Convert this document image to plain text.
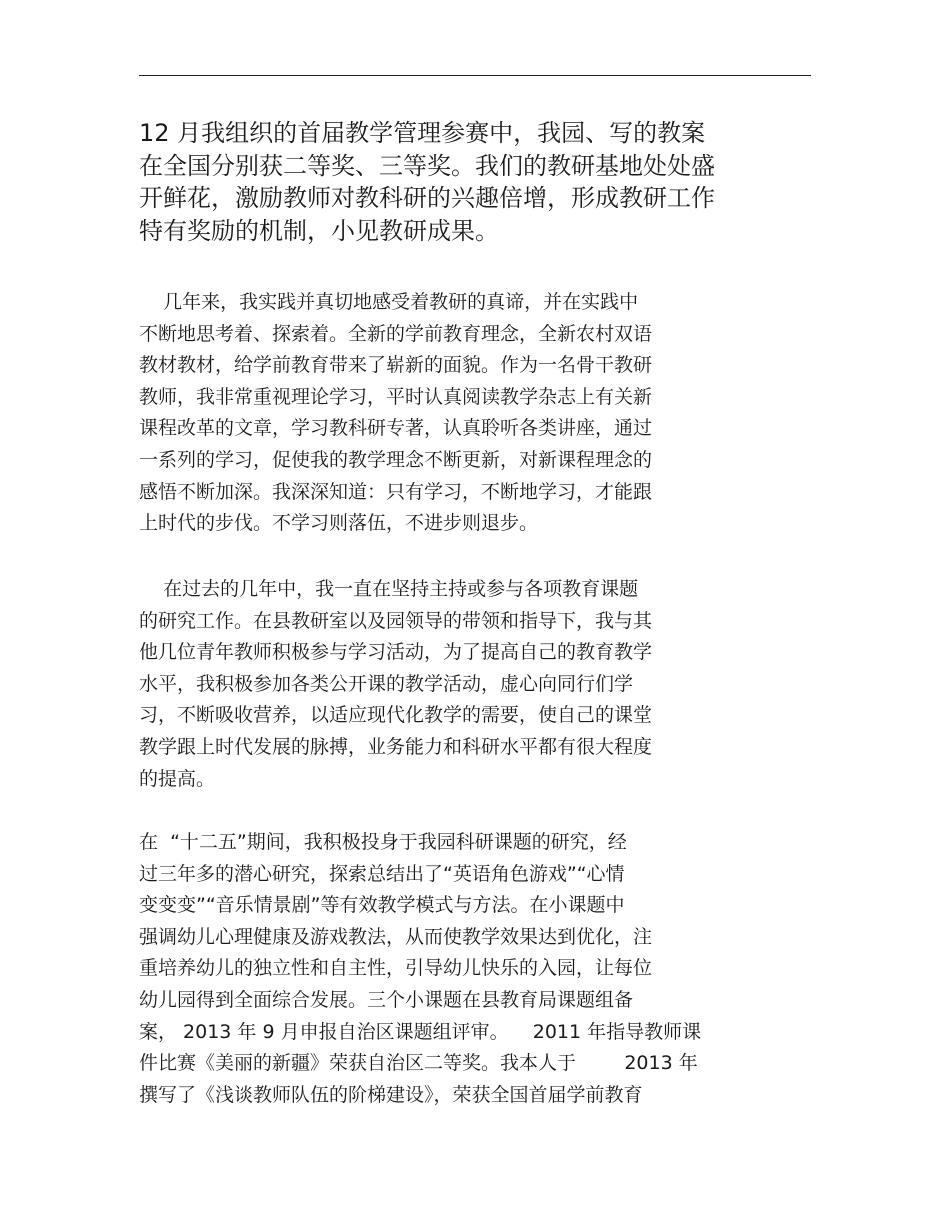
12 月我组织的首届教学管理参赛中，我园、写的教案
在全国分别获二等奖、三等奖。我们的教研基地处处盛
开鲜花，激励教师对教科研的兴趣倍增，形成教研工作
特有奖励的机制，小见教研成果。
几年来，我实践并真切地感受着教研的真谛，并在实践中
不断地思考着、探索着。全新的学前教育理念，全新农村双语
教材教材，给学前教育带来了崭新的面貌。作为一名骨干教研
教师，我非常重视理论学习，平时认真阅读教学杂志上有关新
课程改革的文章，学习教科研专著，认真聆听各类讲座，通过
一系列的学习，促使我的教学理念不断更新，对新课程理念的
感悟不断加深。我深深知道：只有学习，不断地学习，才能跟
上时代的步伐。不学习则落伍，不进步则退步。
在过去的几年中，我一直在坚持主持或参与各项教育课题
的研究工作。在县教研室以及园领导的带领和指导下，我与其
他几位青年教师积极参与学习活动，为了提高自己的教育教学
水平，我积极参加各类公开课的教学活动，虚心向同行们学
习，不断吸收营养，以适应现代化教学的需要，使自己的课堂
教学跟上时代发展的脉搏，业务能力和科研水平都有很大程度
的提高。
在  “十二五”期间，我积极投身于我园科研课题的研究，经
过三年多的潜心研究，探索总结出了“英语角色游戏”“心情
变变变”“音乐情景剧”等有效教学模式与方法。在小课题中
强调幼儿心理健康及游戏教法，从而使教学效果达到优化，注
重培养幼儿的独立性和自主性，引导幼儿快乐的入园，让每位
幼儿园得到全面综合发展。三个小课题在县教育局课题组备
案， 2013 年 9 月申报自治区课题组评审。    2011 年指导教师课
件比赛《美丽的新疆》荣获自治区二等奖。我本人于        2013 年
撰写了《浅谈教师队伍的阶梯建设》，荣获全国首届学前教育
